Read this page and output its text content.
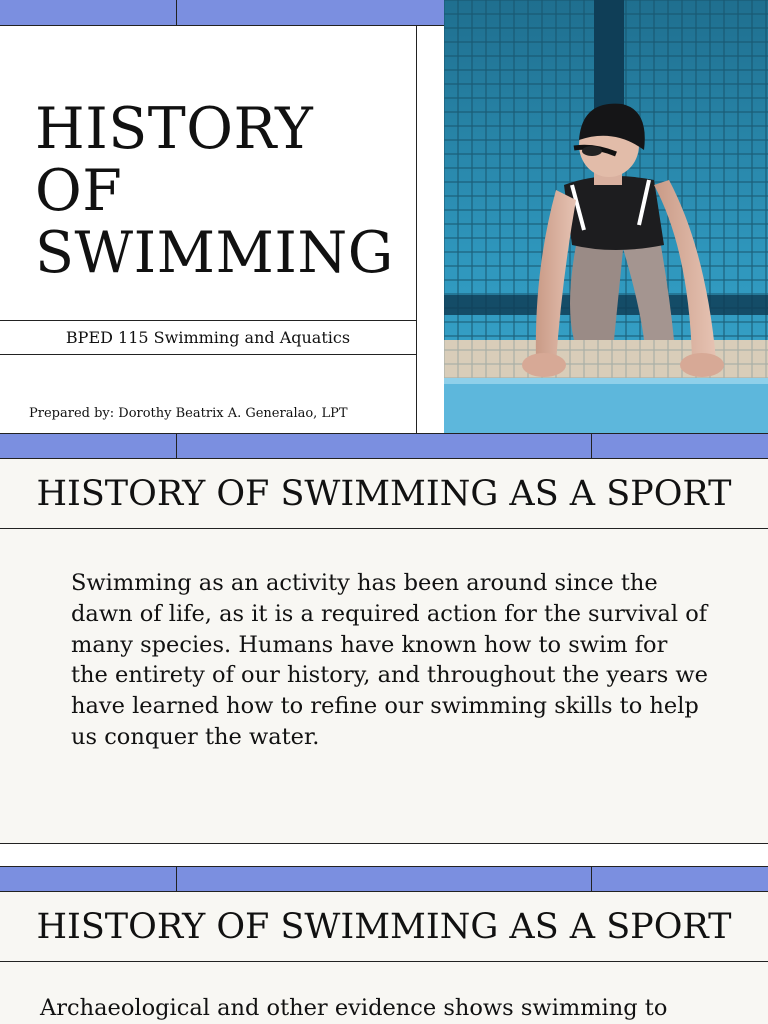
HISTORY
OF
SWIMMING
BPED 115 Swimming and Aquatics
Prepared by: Dorothy Beatrix A. Generalao, LPT
HISTORY OF SWIMMING AS A SPORT
Swimming as an activity has been around since the dawn of life, as it is a required action for the survival of many species. Humans have known how to swim for the entirety of our history, and throughout the years we have learned how to refine our swimming skills to help us conquer the water.
HISTORY OF SWIMMING AS A SPORT
Archaeological and other evidence shows swimming to
